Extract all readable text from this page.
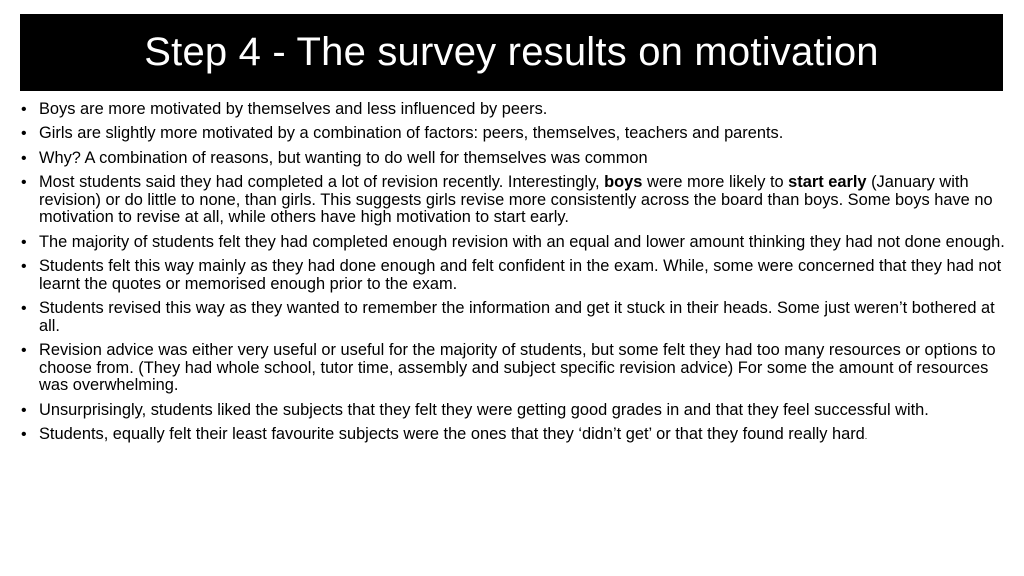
Step 4 - The survey results on motivation
• Boys are more motivated by themselves and less influenced by peers.
• Girls are slightly more motivated by a combination of factors: peers, themselves, teachers and parents.
• Why? A combination of reasons, but wanting to do well for themselves was common
• Most students said they had completed a lot of revision recently. Interestingly, boys were more likely to start early (January with revision) or do little to none, than girls. This suggests girls revise more consistently across the board than boys. Some boys have no motivation to revise at all, while others have high motivation to start early.
• The majority of students felt they had completed enough revision with an equal and lower amount thinking they had not done enough.
• Students felt this way mainly as they had done enough and felt confident in the exam. While, some were concerned that they had not learnt the quotes or memorised enough prior to the exam.
• Students revised this way as they wanted to remember the information and get it stuck in their heads. Some just weren’t bothered at all.
• Revision advice was either very useful or useful for the majority of students, but some felt they had too many resources or options to choose from. (They had whole school, tutor time, assembly and subject specific revision advice) For some the amount of resources was overwhelming.
• Unsurprisingly, students liked the subjects that they felt they were getting good grades in and that they feel successful with.
• Students, equally felt their least favourite subjects were the ones that they ‘didn’t get’ or that they found really hard.
